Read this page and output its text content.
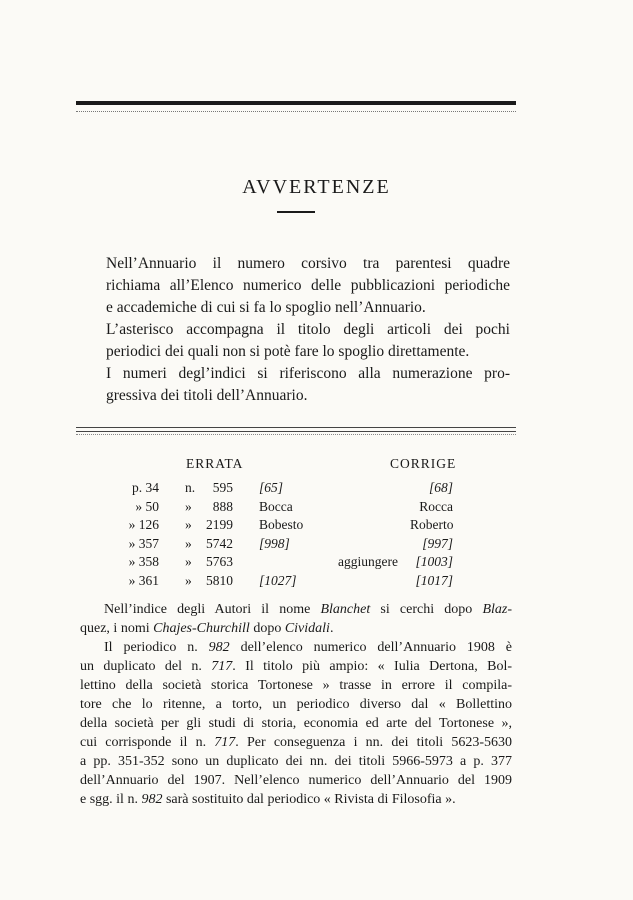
AVVERTENZE

Nell’Annuario il numero corsivo tra parentesi quadre
richiama all’Elenco numerico delle pubblicazioni periodiche
e accademiche di cui si fa lo spoglio nell’Annuario.

L’asterisco accompagna il titolo degli articoli dei pochi
periodici dei quali non si potè fare lo spoglio direttamente.

I numeri degl’indici si riferiscono alla numerazione pro-
gressiva dei titoli dell’Annuario.

ERRATA	CORRIGE
p. 34 n.	595 [65]	[68]
» 50 »	888 Bocca	Rocca
» 126 »	2199 Bobesto	Roberto
» 357 »	5742 [998]	[997]
» 358 »	5763	aggiungere	[1003]
» 361 »	5810 [1027]	[1017]

Nell’indice degli Autori il nome Blanchet si cerchi dopo Blaz-
quez, i nomi Chajes-Churchill dopo Cividali.

Il periodico n. 982 dell’elenco numerico dell’Annuario 1908 è
un duplicato del n. 717. Il titolo più ampio: « Iulia Dertona, Bol-
lettino della società storica Tortonese » trasse in errore il compila-
tore che lo ritenne, a torto, un periodico diverso dal « Bollettino
della società per gli studi di storia, economia ed arte del Tortonese »,
cui corrisponde il n. 717. Per conseguenza i nn. dei titoli 5623-5630
a pp. 351-352 sono un duplicato dei nn. dei titoli 5966-5973 a p. 377
dell’Annuario del 1907. Nell’elenco numerico dell’Annuario del 1909
e sgg. il n. 982 sarà sostituito dal periodico « Rivista di Filosofia ».
